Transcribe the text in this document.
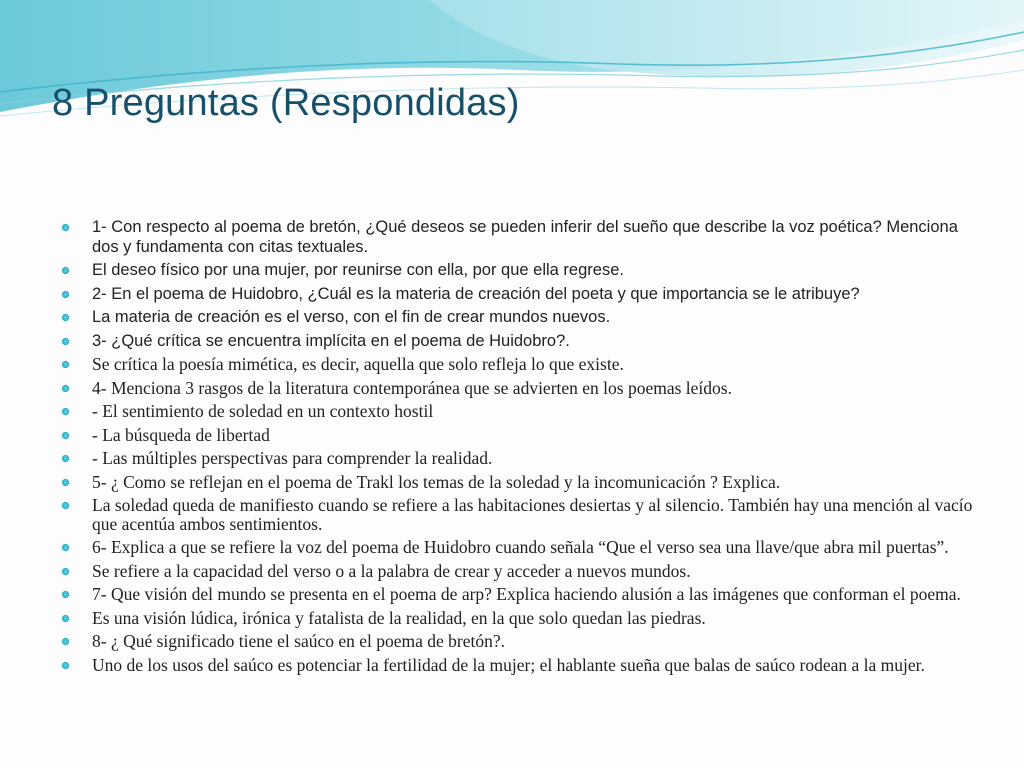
8 Preguntas (Respondidas)
1- Con respecto al poema de bretón, ¿Qué deseos se pueden inferir del sueño que describe la voz poética? Menciona dos y fundamenta con citas textuales.
El deseo físico por una mujer, por reunirse con ella, por que ella regrese.
2- En el poema de Huidobro, ¿Cuál es la materia de creación del poeta y que importancia se le atribuye?
La materia de creación es el verso, con el fin de crear mundos nuevos.
3- ¿Qué crítica se encuentra implícita en el poema de Huidobro?.
Se crítica la poesía mimética, es decir, aquella que solo refleja lo que existe.
4- Menciona 3 rasgos de la literatura contemporánea que se advierten en los poemas leídos.
- El sentimiento de soledad en un contexto hostil
- La búsqueda de libertad
- Las múltiples perspectivas para comprender la realidad.
5- ¿ Como se reflejan en el poema de Trakl los temas de la soledad y la incomunicación ? Explica.
La soledad queda de manifiesto cuando se refiere a las habitaciones desiertas y al silencio. También hay una mención al vacío que acentúa ambos sentimientos.
6- Explica a que se refiere la voz del poema de Huidobro cuando señala “Que el verso sea una llave/que abra mil puertas”.
Se refiere a la capacidad del verso o a la palabra de crear y acceder a nuevos mundos.
7- Que visión del mundo se presenta en el poema de arp? Explica haciendo alusión a las imágenes que conforman el poema.
Es una visión lúdica, irónica y fatalista de la realidad, en la que solo quedan las piedras.
8- ¿ Qué significado tiene el saúco en el poema de bretón?.
Uno de los usos del saúco es potenciar la fertilidad de la mujer; el hablante sueña que balas de saúco rodean a la mujer.
